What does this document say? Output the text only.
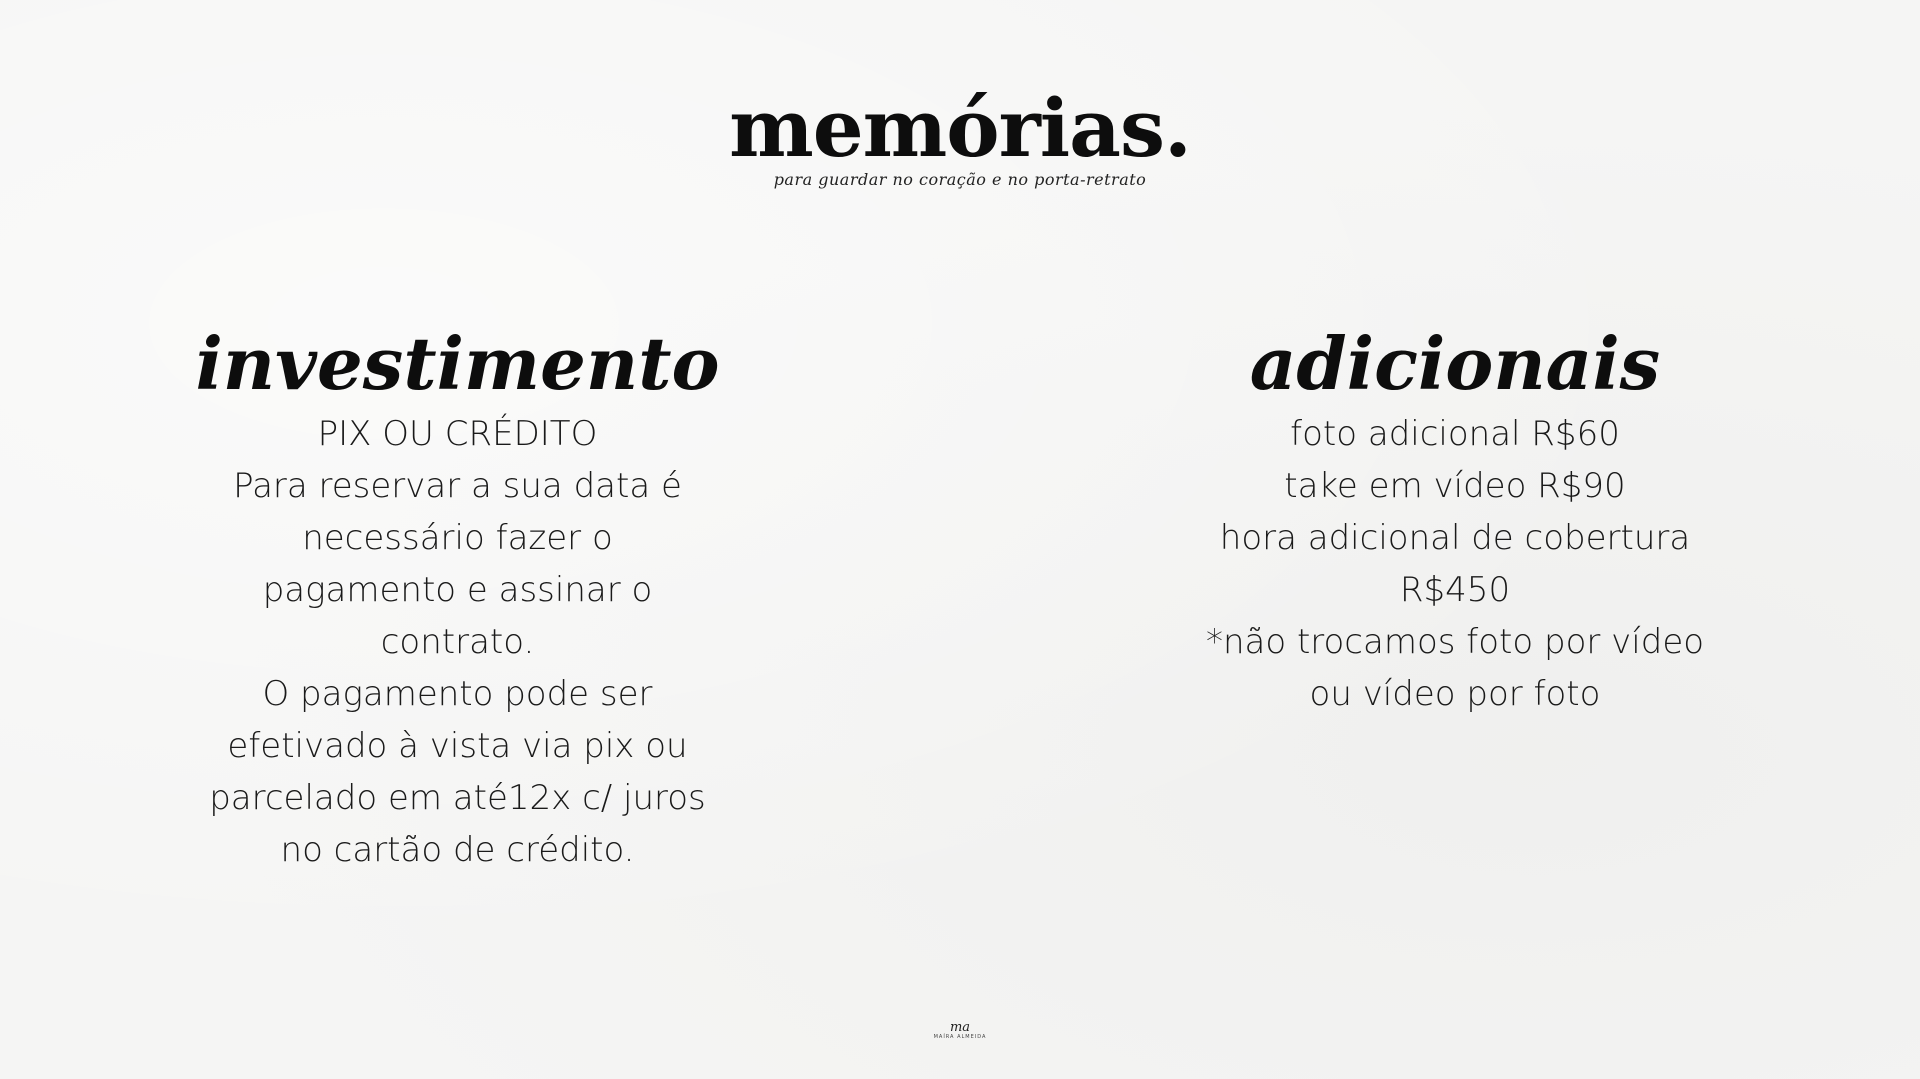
memórias.
para guardar no coração e no porta-retrato
investimento
PIX OU CRÉDITO
Para reservar a sua data é
necessário fazer o
pagamento e assinar o
contrato.
O pagamento pode ser
efetivado à vista via pix ou
parcelado em até12x c/ juros
no cartão de crédito.
adicionais
foto adicional R$60
take em vídeo R$90
hora adicional de cobertura
R$450
*não trocamos foto por vídeo
ou vídeo por foto
ma
MAÍRA ALMEIDA
